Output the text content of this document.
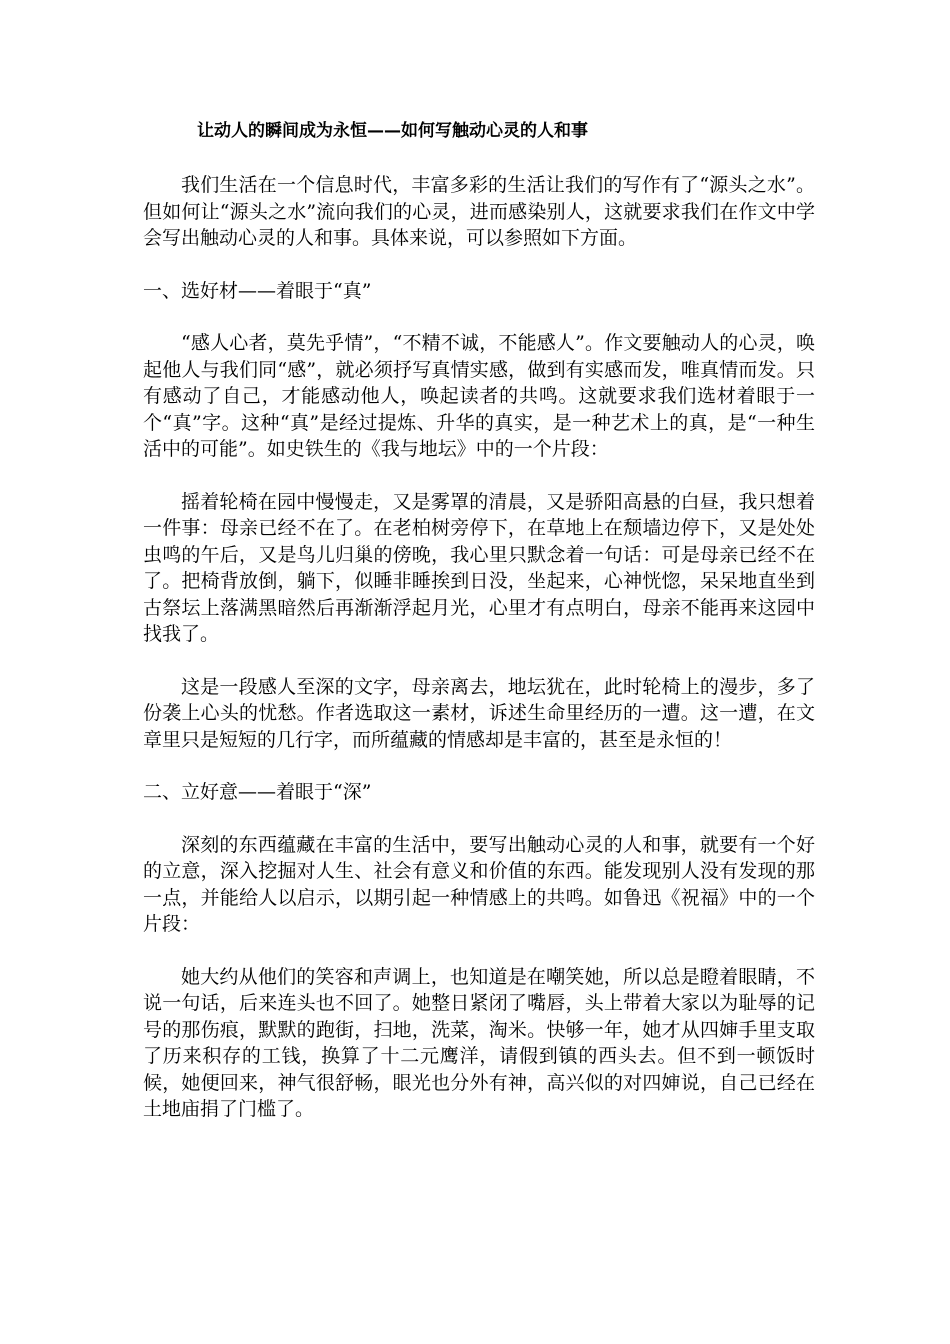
让动人的瞬间成为永恒——如何写触动心灵的人和事

我们生活在一个信息时代，丰富多彩的生活让我们的写作有了“源头之水”。但如何让“源头之水”流向我们的心灵，进而感染别人，这就要求我们在作文中学会写出触动心灵的人和事。具体来说，可以参照如下方面。

一、选好材——着眼于“真”

“感人心者，莫先乎情”，“不精不诚，不能感人”。作文要触动人的心灵，唤起他人与我们同“感”，就必须抒写真情实感，做到有实感而发，唯真情而发。只有感动了自己，才能感动他人，唤起读者的共鸣。这就要求我们选材着眼于一个“真”字。这种“真”是经过提炼、升华的真实，是一种艺术上的真，是“一种生活中的可能”。如史铁生的《我与地坛》中的一个片段：

摇着轮椅在园中慢慢走，又是雾罩的清晨，又是骄阳高悬的白昼，我只想着一件事：母亲已经不在了。在老柏树旁停下，在草地上在颓墙边停下，又是处处虫鸣的午后，又是鸟儿归巢的傍晚，我心里只默念着一句话：可是母亲已经不在了。把椅背放倒，躺下，似睡非睡挨到日没，坐起来，心神恍惚，呆呆地直坐到古祭坛上落满黑暗然后再渐渐浮起月光，心里才有点明白，母亲不能再来这园中找我了。

这是一段感人至深的文字，母亲离去，地坛犹在，此时轮椅上的漫步，多了份袭上心头的忧愁。作者选取这一素材，诉述生命里经历的一遭。这一遭，在文章里只是短短的几行字，而所蕴藏的情感却是丰富的，甚至是永恒的！

二、立好意——着眼于“深”

深刻的东西蕴藏在丰富的生活中，要写出触动心灵的人和事，就要有一个好的立意，深入挖掘对人生、社会有意义和价值的东西。能发现别人没有发现的那一点，并能给人以启示，以期引起一种情感上的共鸣。如鲁迅《祝福》中的一个片段：

她大约从他们的笑容和声调上，也知道是在嘲笑她，所以总是瞪着眼睛，不说一句话，后来连头也不回了。她整日紧闭了嘴唇，头上带着大家以为耻辱的记号的那伤痕，默默的跑街，扫地，洗菜，淘米。快够一年，她才从四婶手里支取了历来积存的工钱，换算了十二元鹰洋，请假到镇的西头去。但不到一顿饭时候，她便回来，神气很舒畅，眼光也分外有神，高兴似的对四婶说，自己已经在土地庙捐了门槛了。
